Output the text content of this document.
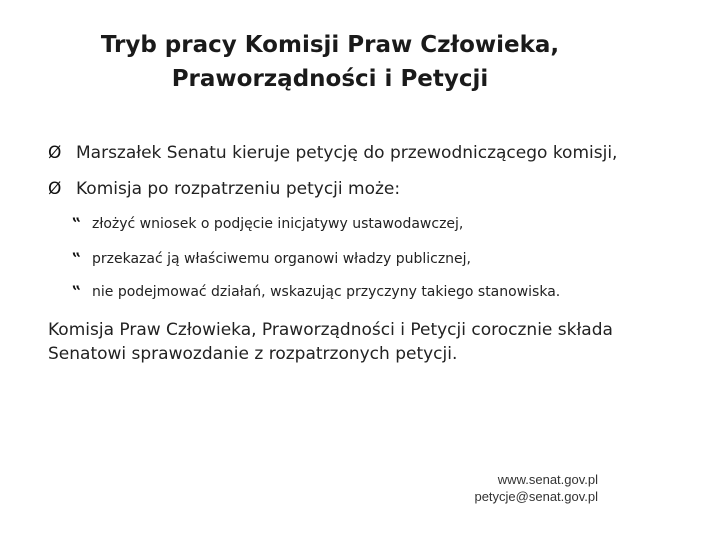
Tryb pracy Komisji Praw Człowieka,
Praworządności i Petycji
Ø Marszałek Senatu kieruje petycję do przewodniczącego komisji,
Ø Komisja po rozpatrzeniu petycji może:
‟ złożyć wniosek o podjęcie inicjatywy ustawodawczej,
‟ przekazać ją właściwemu organowi władzy publicznej,
‟ nie podejmować działań, wskazując przyczyny takiego stanowiska.
Komisja Praw Człowieka, Praworządności i Petycji corocznie składa
Senatowi sprawozdanie z rozpatrzonych petycji.
www.senat.gov.pl
petycje@senat.gov.pl
